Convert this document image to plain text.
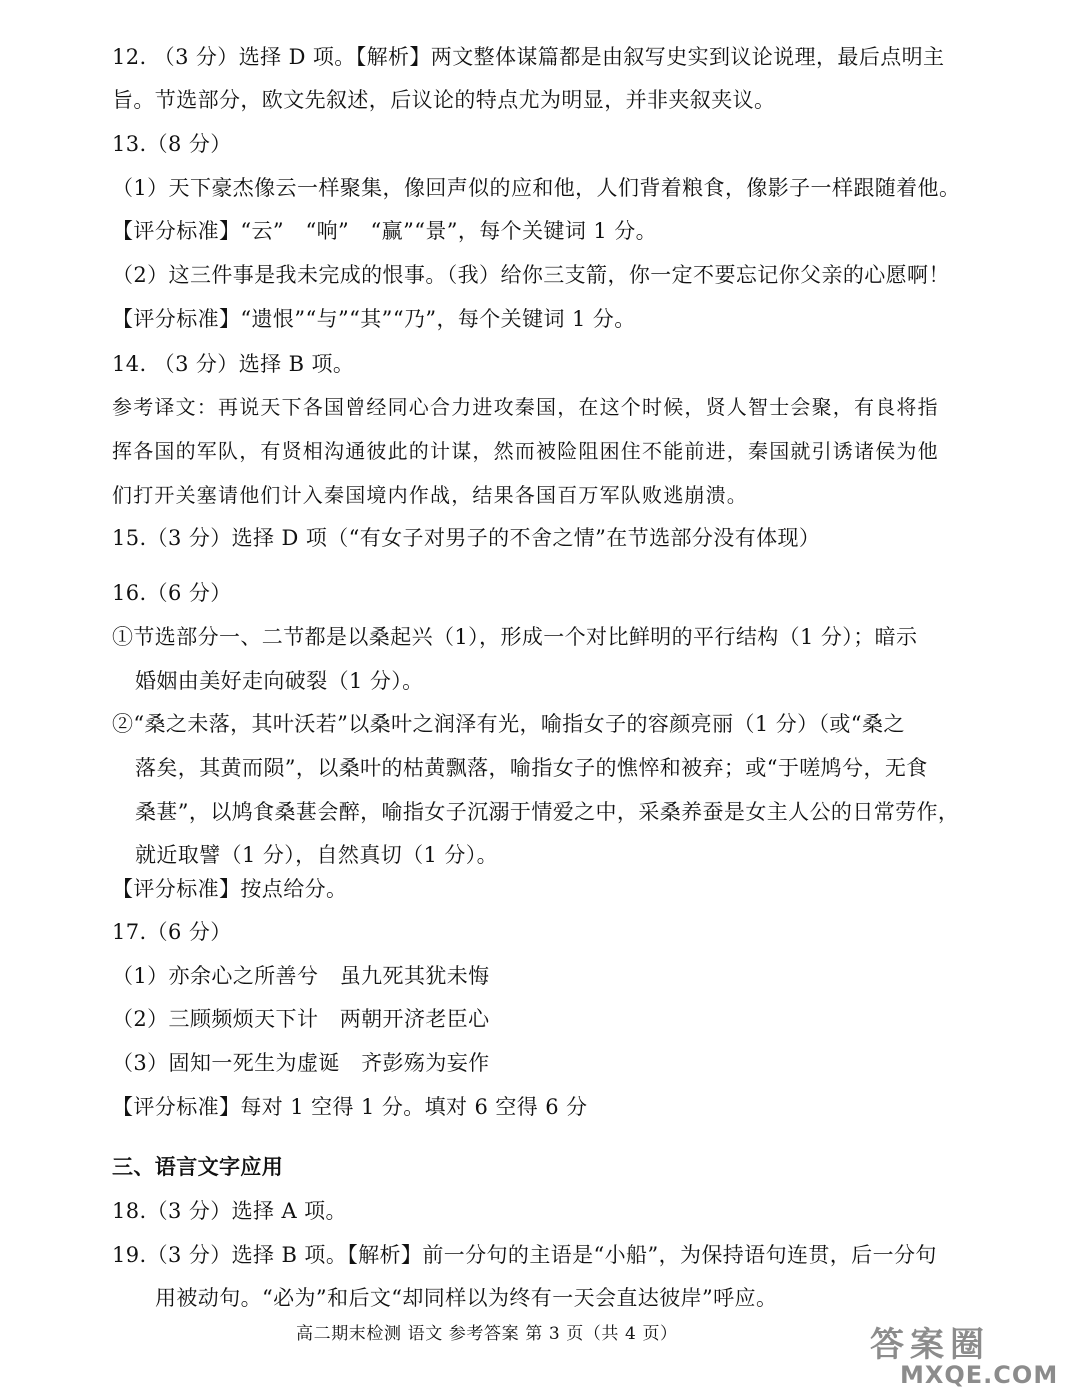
12. （3 分）选择 D 项。【解析】两文整体谋篇都是由叙写史实到议论说理，最后点明主
旨。节选部分，欧文先叙述，后议论的特点尤为明显，并非夹叙夹议。
13.（8 分）
（1）天下豪杰像云一样聚集，像回声似的应和他，人们背着粮食，像影子一样跟随着他。
【评分标准】“云”　“响”　“赢”“景”，每个关键词 1 分。
（2）这三件事是我未完成的恨事。（我）给你三支箭，你一定不要忘记你父亲的心愿啊！
【评分标准】“遗恨”“与”“其”“乃”，每个关键词 1 分。
14. （3 分）选择 B 项。
参考译文：再说天下各国曾经同心合力进攻秦国，在这个时候，贤人智士会聚，有良将指
挥各国的军队，有贤相沟通彼此的计谋，然而被险阻困住不能前进，秦国就引诱诸侯为他
们打开关塞请他们计入秦国境内作战，结果各国百万军队败逃崩溃。
15.（3 分）选择 D 项（“有女子对男子的不舍之情”在节选部分没有体现）
16.（6 分）
①节选部分一、二节都是以桑起兴（1），形成一个对比鲜明的平行结构（1 分）；暗示
婚姻由美好走向破裂（1 分）。
②“桑之未落，其叶沃若”以桑叶之润泽有光，喻指女子的容颜亮丽（1 分）（或“桑之
落矣，其黄而陨”，以桑叶的枯黄飘落，喻指女子的憔悴和被弃；或“于嗟鸠兮，无食
桑葚”，以鸠食桑葚会醉，喻指女子沉溺于情爱之中，采桑养蚕是女主人公的日常劳作，
就近取譬（1 分），自然真切（1 分）。
【评分标准】按点给分。
17.（6 分）
（1）亦余心之所善兮　虽九死其犹未悔
（2）三顾频烦天下计　两朝开济老臣心
（3）固知一死生为虚诞　齐彭殇为妄作
【评分标准】每对 1 空得 1 分。填对 6 空得 6 分
三、语言文字应用
18.（3 分）选择 A 项。
19.（3 分）选择 B 项。【解析】前一分句的主语是“小船”，为保持语句连贯，后一分句
用被动句。“必为”和后文“却同样以为终有一天会直达彼岸”呼应。
高二期末检测 语文 参考答案 第 3 页（共 4 页）	答案圈
MXQE.COM
